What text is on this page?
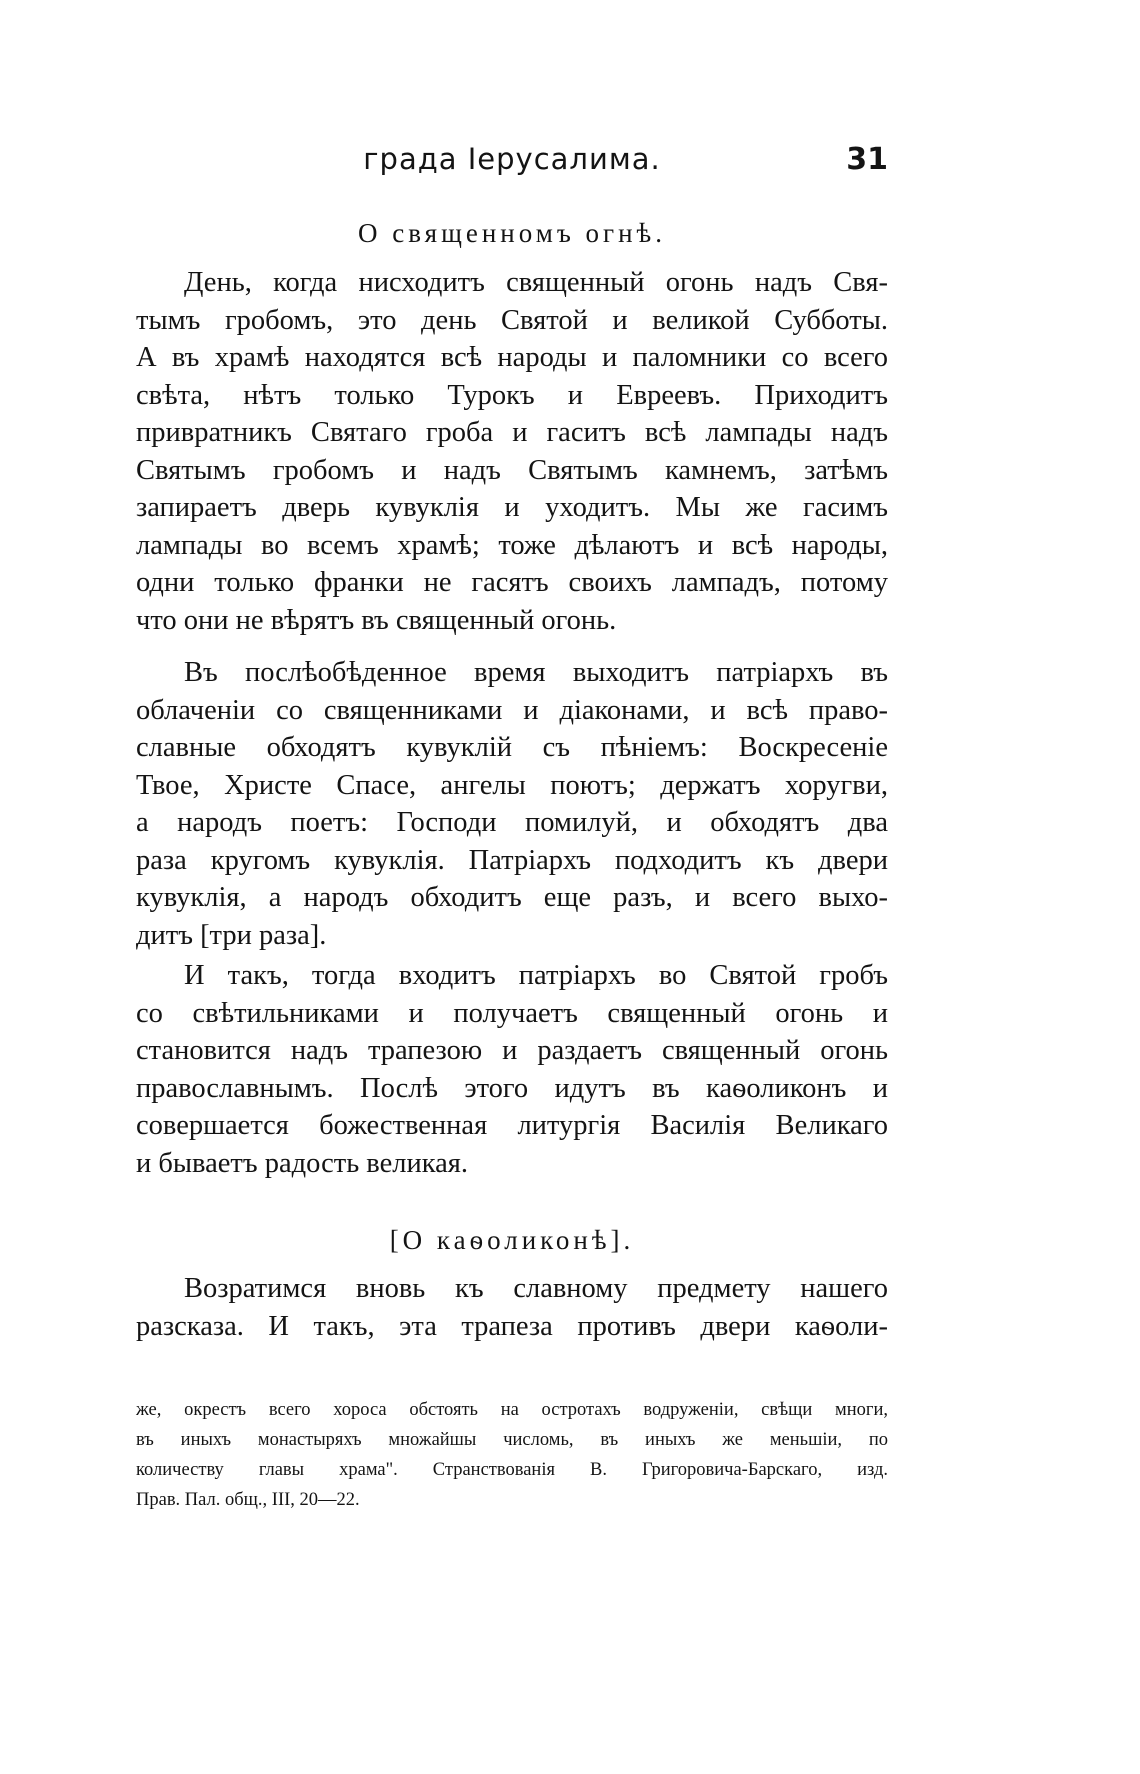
града Іерусалима.	31
О священномъ огнѣ.
День, когда нисходитъ священный огонь надъ Свя-
тымъ гробомъ, это день Святой и великой Субботы.
А въ храмѣ находятся всѣ народы и паломники со всего
свѣта, нѣтъ только Турокъ и Евреевъ. Приходитъ
привратникъ Святаго гроба и гаситъ всѣ лампады надъ
Святымъ гробомъ и надъ Святымъ камнемъ, затѣмъ
запираетъ дверь кувуклія и уходитъ. Мы же гасимъ
лампады во всемъ храмѣ; тоже дѣлаютъ и всѣ народы,
одни только франки не гасятъ своихъ лампадъ, потому
что они не вѣрятъ въ священный огонь.
Въ послѣобѣденное время выходитъ патріархъ въ
облаченіи со священниками и діаконами, и всѣ право-
славные обходятъ кувуклій съ пѣніемъ: Воскресеніе
Твое, Христе Спасе, ангелы поютъ; держатъ хоругви,
а народъ поетъ: Господи помилуй, и обходятъ два
раза кругомъ кувуклія. Патріархъ подходитъ къ двери
кувуклія, а народъ обходитъ еще разъ, и всего выхо-
дитъ [три раза].
И такъ, тогда входитъ патріархъ во Святой гробъ
со свѣтильниками и получаетъ священный огонь и
становится надъ трапезою и раздаетъ священный огонь
православнымъ. Послѣ этого идутъ въ каѳоликонъ и
совершается божественная литургія Василія Великаго
и бываетъ радость великая.
[О каѳоликонѣ].
Возратимся вновь къ славному предмету нашего
разсказа. И такъ, эта трапеза противъ двери каѳоли-
же, окрестъ всего хороса обстоять на остротахъ водруженіи, свѣщи многи,
въ иныхъ монастыряхъ множайшы числомь, въ иныхъ же меньшіи, по
количеству главы храма". Странствованія В. Григоровича-Барскаго, изд.
Прав. Пал. общ., III, 20—22.
